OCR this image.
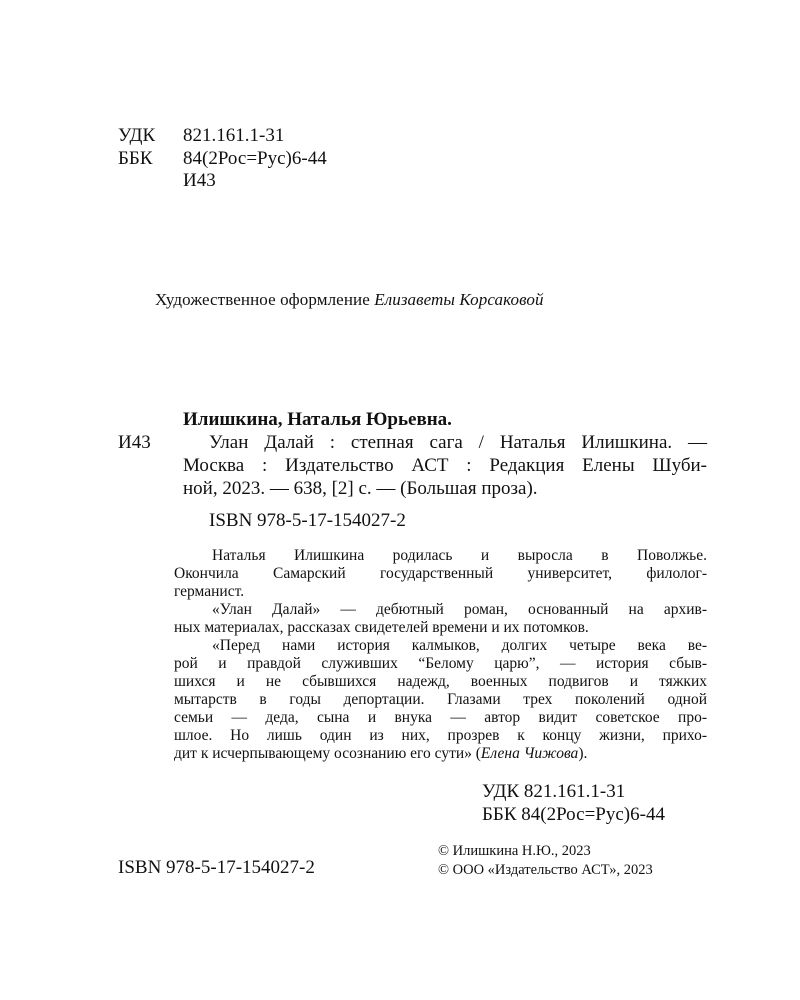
УДК 821.161.1-31
ББК 84(2Рос=Рус)6-44
И43
Художественное оформление Елизаветы Корсаковой
Илишкина, Наталья Юрьевна.
И43	Улан Далай : степная сага / Наталья Илишкина. —
Москва : Издательство АСТ : Редакция Елены Шуби-
ной, 2023. — 638, [2] с. — (Большая проза).
ISBN 978-5-17-154027-2

Наталья Илишкина родилась и выросла в Поволжье.
Окончила Самарский государственный университет, филолог-
германист.

«Улан Далай» — дебютный роман, основанный на архив-
ных материалах, рассказах свидетелей времени и их потомков.

«Перед нами история калмыков, долгих четыре века ве-
рой и правдой служивших “Белому царю”, — история сбыв-
шихся и не сбывшихся надежд, военных подвигов и тяжких
мытарств в годы депортации. Глазами трех поколений одной
семьи — деда, сына и внука — автор видит советское про-
шлое. Но лишь один из них, прозрев к концу жизни, прихо-
дит к исчерпывающему осознанию его сути» (Елена Чижова).

УДК 821.161.1-31
ББК 84(2Рос=Рус)6-44
ISBN 978-5-17-154027-2
© Илишкина Н.Ю., 2023
© ООО «Издательство АСТ», 2023
